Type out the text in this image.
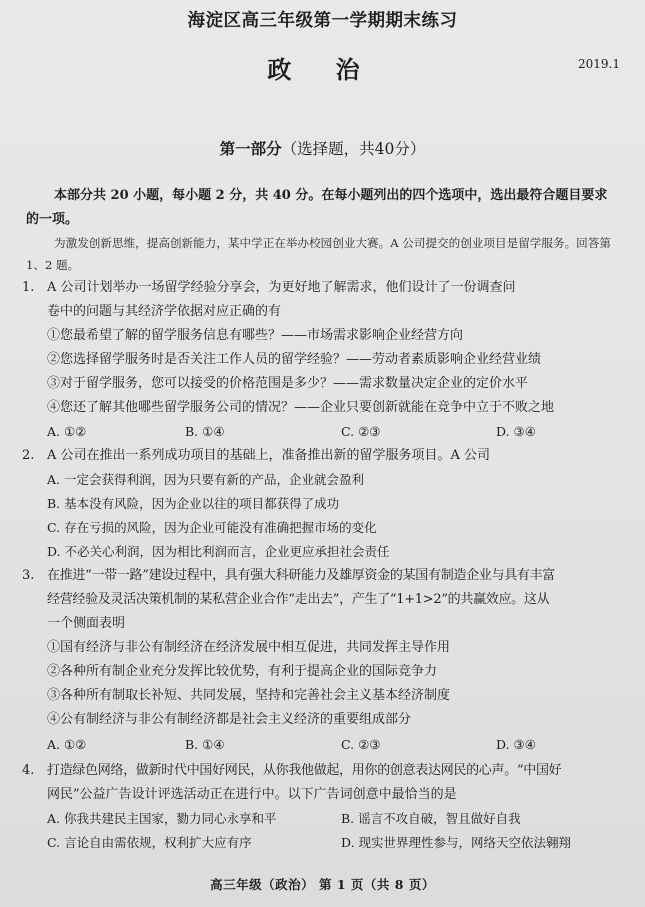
海淀区高三年级第一学期期末练习
政 治	2019.1
第一部分（选择题，共40分）
本部分共 20 小题，每小题 2 分，共 40 分。在每小题列出的四个选项中，选出最符合题目要求的一项。
为激发创新思维，提高创新能力，某中学正在举办校园创业大赛。A 公司提交的创业项目是留学服务。回答第 1、2 题。
1. A 公司计划举办一场留学经验分享会，为更好地了解需求，他们设计了一份调查问
卷中的问题与其经济学依据对应正确的有
①您最希望了解的留学服务信息有哪些？——市场需求影响企业经营方向
②您选择留学服务时是否关注工作人员的留学经验？——劳动者素质影响企业经营业绩
③对于留学服务，您可以接受的价格范围是多少？——需求数量决定企业的定价水平
④您还了解其他哪些留学服务公司的情况？——企业只要创新就能在竞争中立于不败之地
A. ①②	B. ①④	C. ②③	D. ③④
2. A 公司在推出一系列成功项目的基础上，准备推出新的留学服务项目。A 公司
A. 一定会获得利润，因为只要有新的产品，企业就会盈利
B. 基本没有风险，因为企业以往的项目都获得了成功
C. 存在亏损的风险，因为企业可能没有准确把握市场的变化
D. 不必关心利润，因为相比利润而言，企业更应承担社会责任
3. 在推进“一带一路”建设过程中，具有强大科研能力及雄厚资金的某国有制造企业与具有丰富
经营经验及灵活决策机制的某私营企业合作“走出去”，产生了“1+1>2”的共赢效应。这从
一个侧面表明
①国有经济与非公有制经济在经济发展中相互促进，共同发挥主导作用
②各种所有制企业充分发挥比较优势，有利于提高企业的国际竞争力
③各种所有制取长补短、共同发展，坚持和完善社会主义基本经济制度
④公有制经济与非公有制经济都是社会主义经济的重要组成部分
A. ①②	B. ①④	C. ②③	D. ③④
4. 打造绿色网络，做新时代中国好网民，从你我他做起，用你的创意表达网民的心声。“中国好
网民”公益广告设计评选活动正在进行中。以下广告词创意中最恰当的是
A. 你我共建民主国家，勠力同心永享和平	B. 谣言不攻自破，智且做好自我
C. 言论自由需依规，权利扩大应有序	D. 现实世界理性参与，网络天空依法翱翔
高三年级（政治） 第 1 页（共 8 页）
